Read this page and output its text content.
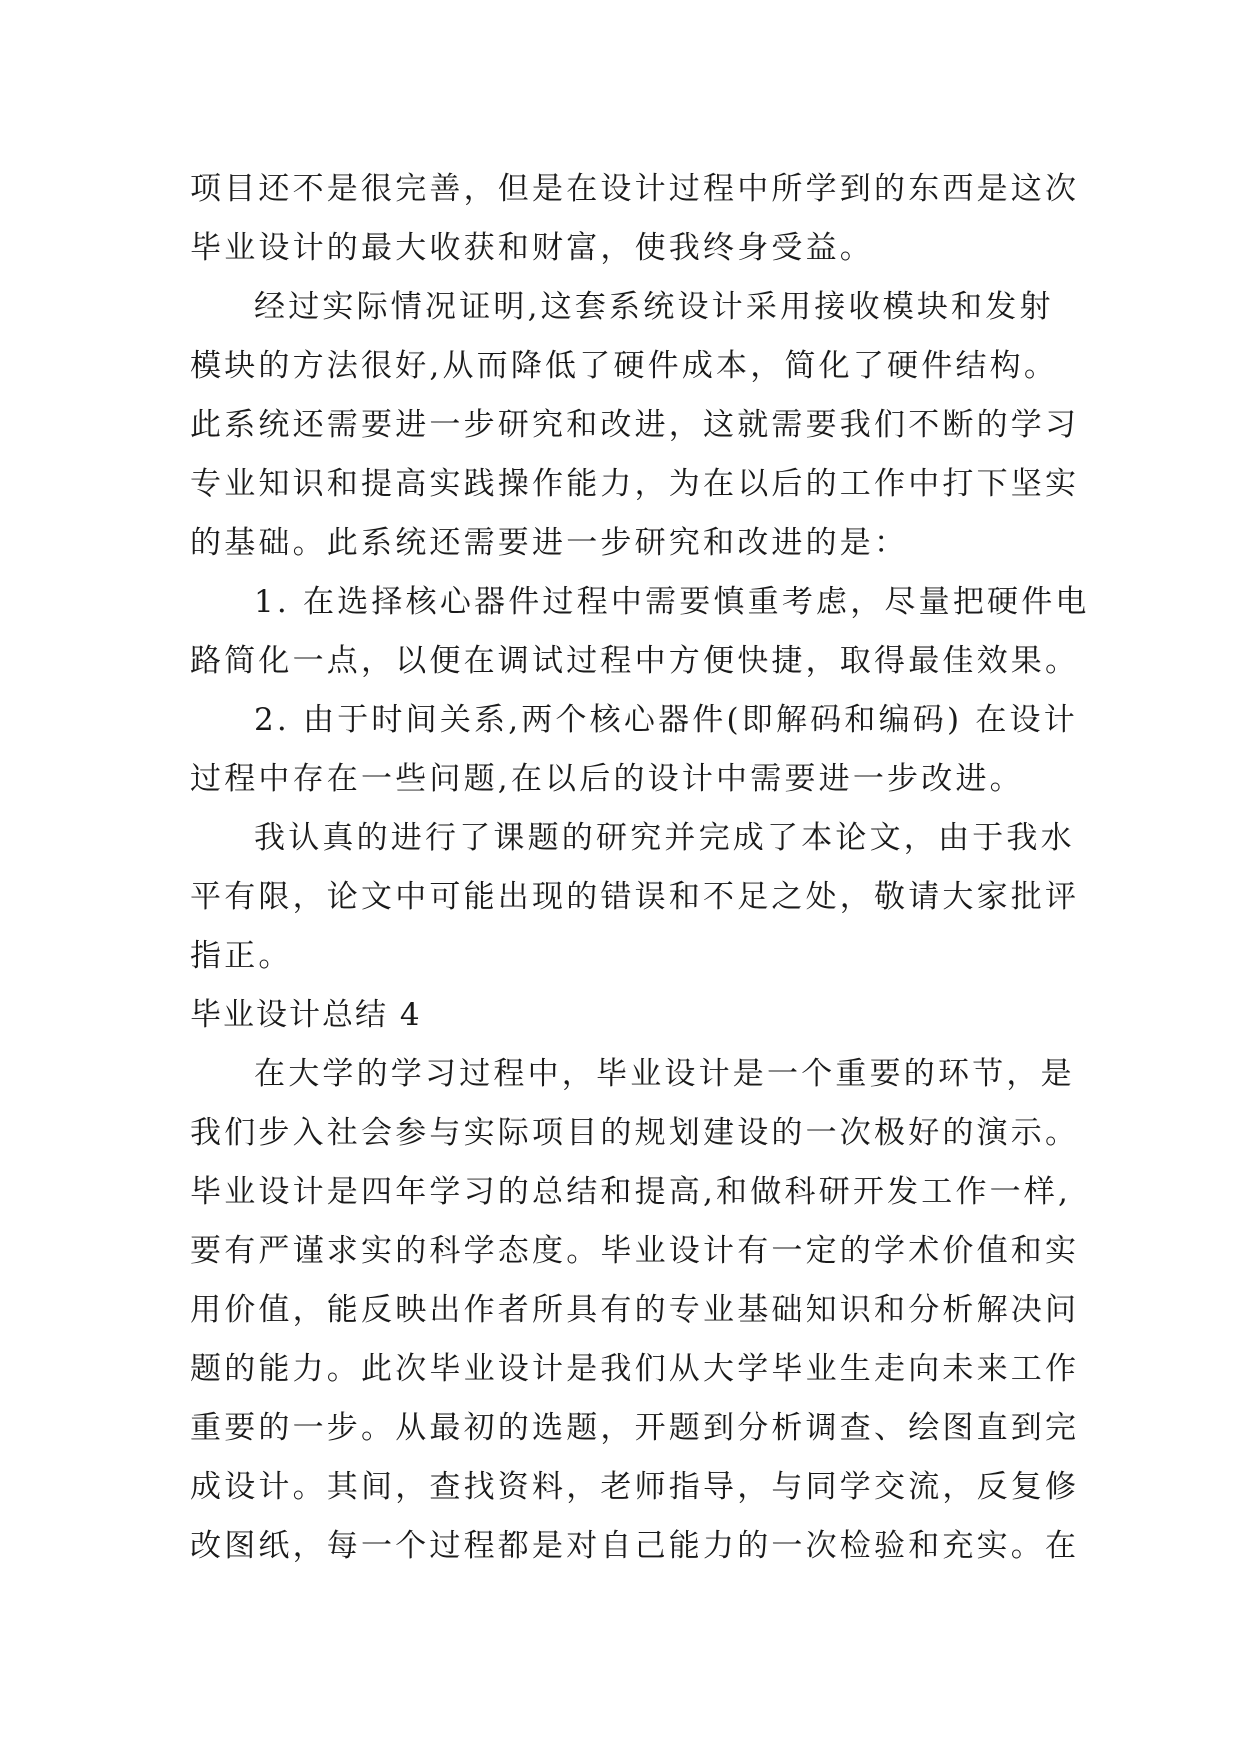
项目还不是很完善，但是在设计过程中所学到的东西是这次
毕业设计的最大收获和财富，使我终身受益。
经过实际情况证明,这套系统设计采用接收模块和发射
模块的方法很好,从而降低了硬件成本，简化了硬件结构。
此系统还需要进一步研究和改进，这就需要我们不断的学习
专业知识和提高实践操作能力，为在以后的工作中打下坚实
的基础。此系统还需要进一步研究和改进的是：
1. 在选择核心器件过程中需要慎重考虑，尽量把硬件电
路简化一点，以便在调试过程中方便快捷，取得最佳效果。
2. 由于时间关系,两个核心器件(即解码和编码) 在设计
过程中存在一些问题,在以后的设计中需要进一步改进。
我认真的进行了课题的研究并完成了本论文，由于我水
平有限，论文中可能出现的错误和不足之处，敬请大家批评
指正。
毕业设计总结 4
在大学的学习过程中，毕业设计是一个重要的环节，是
我们步入社会参与实际项目的规划建设的一次极好的演示。
毕业设计是四年学习的总结和提高,和做科研开发工作一样,
要有严谨求实的科学态度。毕业设计有一定的学术价值和实
用价值，能反映出作者所具有的专业基础知识和分析解决问
题的能力。此次毕业设计是我们从大学毕业生走向未来工作
重要的一步。从最初的选题，开题到分析调查、绘图直到完
成设计。其间，查找资料，老师指导，与同学交流，反复修
改图纸，每一个过程都是对自己能力的一次检验和充实。在
